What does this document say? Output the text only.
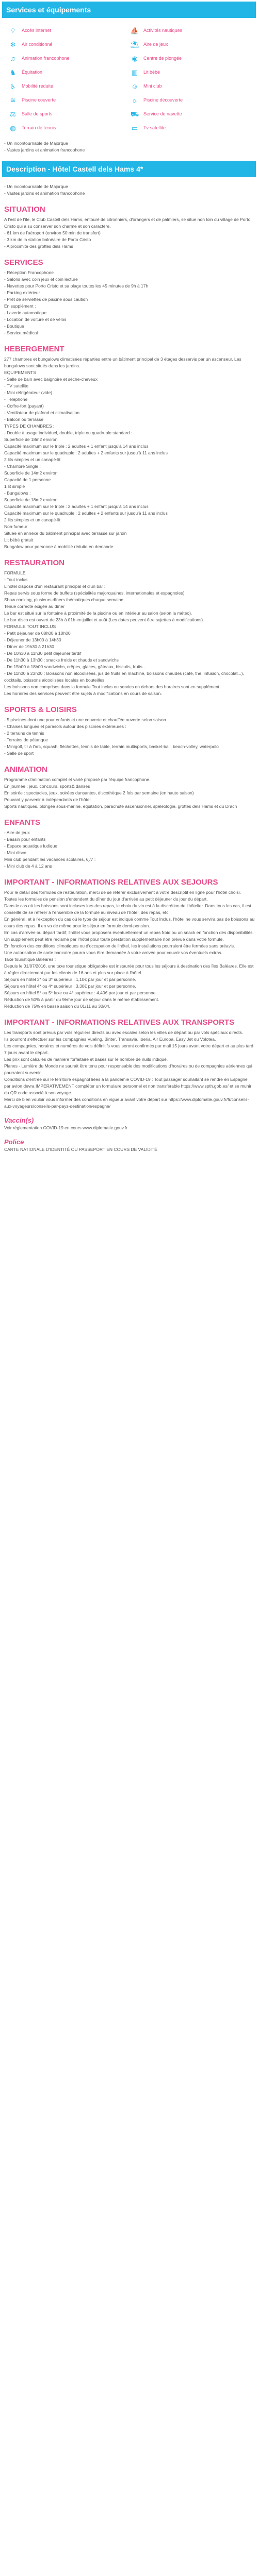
Services et équipements
⌔	Accès internet	⛵ Activités nautiques
❄	Air conditionné	⛱ Aire de jeux
♫	Animation francophone	◉	Centre de plongée
♞	Équitation	▥	Lit bébé
♿	Mobilité réduite	☺	Mini club
≋	Piscine couverte	☼	Piscine découverte
⚖	Salle de sports	⛟ Service de navette
◍	Terrain de tennis	▭	Tv satellite
- Un incontournable de Majorque
- Vastes jardins et animation francophone
Description - Hôtel Castell dels Hams 4*
- Un incontournable de Majorque
- Vastes jardins et animation francophone
SITUATION

A l'est de l'île, le Club Castell dels Hams, entouré de citronniers, d'orangers et de palmiers, se situe non loin du village de Porto Cristo qui a su conserver son charme et son caractère.

- 61 km de l'aéroport (environ 50 min de transfert)

- 3 km de la station balnéaire de Porto Cristo

- A proximité des grottes dels Hams

SERVICES

- Réception Francophone

- Salons avec coin jeux et coin lecture

- Navettes pour Porto Cristo et sa plage toutes les 45 minutes de 9h à 17h

- Parking extérieur

- Prêt de serviettes de piscine sous caution

En supplément :

- Laverie automatique

- Location de voiture et de vélos

- Boutique

- Service médical

HEBERGEMENT

277 chambres et bungalows climatisées réparties entre un bâtiment principal de 3 étages desservis par un ascenseur. Les bungalows sont situés dans les jardins.

EQUIPEMENTS

- Salle de bain avec baignoire et sèche-cheveux

- TV satellite

- Mini réfrigérateur (vide)

- Téléphone

- Coffre-fort (payant)

- Ventilateur de plafond et climatisation

- Balcon ou terrasse

TYPES DE CHAMBRES :

- Double à usage individuel, double, triple ou quadruple standard :

Superficie de 18m2 environ

Capacité maximum sur le triple : 2 adultes + 1 enfant jusqu'à 14 ans inclus

Capacité maximum sur le quadruple : 2 adultes + 2 enfants sur jusqu'à 11 ans inclus

2 lits simples et un canapé-lit

- Chambre Single :

Superficie de 14m2 environ

Capacité de 1 personne

1 lit simple

- Bungalows :

Superficie de 18m2 environ

Capacité maximum sur le triple : 2 adultes + 1 enfant jusqu'à 14 ans inclus

Capacité maximum sur le quadruple : 2 adultes + 2 enfants sur jusqu'à 11 ans inclus

2 lits simples et un canapé-lit

Non-fumeur

Située en annexe du bâtiment principal avec terrasse sur jardin

Lit bébé gratuit

Bungalow pour personne à mobilité réduite en demande.

RESTAURATION

FORMULE

- Tout inclus

L'hôtel dispose d'un restaurant principal et d'un bar :

Repas servis sous forme de buffets (spécialités majorquaines, internationales et espagnoles)

Show cooking, plusieurs dîners thématiques chaque semaine

Tenue correcte exigée au dîner

Le bar est situé sur la fontaine à proximité de la piscine ou en intérieur au salon (selon la météo).

Le bar disco est ouvert de 23h à 01h en juillet et août (Les dates peuvent être sujettes à modifications).

FORMULE TOUT INCLUS

- Petit déjeuner de 08h00 à 10h00

- Déjeuner de 13h00 à 14h30

- Dîner de 19h30 à 21h30

- De 10h30 à 11h30 petit déjeuner tardif

- De 11h30 à 13h30 : snacks froids et chauds et sandwichs

- De 15h00 à 18h00 sandwichs, crêpes, glaces, gâteaux, biscuits, fruits...

- De 11h00 à 23h00 : Boissons non alcoolisées, jus de fruits en machine, boissons chaudes (café, thé, infusion, chocolat...), cocktails, boissons alcoolisées locales en bouteilles.

Les boissons non comprises dans la formule Tout inclus ou servies en dehors des horaires sont en supplément.

Les horaires des services peuvent être sujets à modifications en cours de saison.

SPORTS & LOISIRS

- 5 piscines dont une pour enfants et une couverte et chauffée ouverte selon saison

- Chaises longues et parasols autour des piscines extérieures :

- 2 terrains de tennis

- Terrains de pétanque

- Minigolf, tir à l'arc, squash, fléchettes, tennis de table, terrain multisports, basket-ball, beach-volley, waterpolo

- Salle de sport

ANIMATION

Programme d'animation complet et varié proposé par l'équipe francophone.

En journée : jeux, concours, sports& danses

En soirée : spectacles, jeux, soirées dansantes, discothèque 2 fois par semaine (en haute saison)

Pouvant y parvenir à indépendants de l'hôtel

Sports nautiques, plongée sous-marine, équitation, parachute ascensionnel, spéléologie, grottes dels Hams et du Drach

ENFANTS

- Aire de jeux

- Bassin pour enfants

- Espace aquatique ludique

- Mini disco

Mini club pendant les vacances scolaires, 6j/7 :

- Mini club de 4 à 12 ans

IMPORTANT - INFORMATIONS RELATIVES AUX SEJOURS

Pour le détail des formules de restauration, merci de se référer exclusivement à votre descriptif en ligne pour l'hôtel choisi.

Toutes les formules de pension s'entendent du dîner du jour d'arrivée au petit déjeuner du jour du départ.

Dans le cas où les boissons sont incluses lors des repas, le choix du vin est à la discrétion de l'hôtelier. Dans tous les cas, il est conseillé de se référer à l'ensemble de la formule au niveau de l'hôtel, des repas, etc.

En général, et à l'exception du cas où le type de séjour est indiqué comme Tout Inclus, l'hôtel ne vous servira pas de boissons au cours des repas. Il en va de même pour le séjour en formule demi-pension.

En cas d'arrivée ou départ tardif, l'hôtel vous proposera éventuellement un repas froid ou un snack en fonction des disponibilités.

Un supplément peut être réclamé par l'hôtel pour toute prestation supplémentaire non prévue dans votre formule.

En fonction des conditions climatiques ou d'occupation de l'hôtel, les installations pourraient être fermées sans préavis.

Une autorisation de carte bancaire pourra vous être demandée à votre arrivée pour couvrir vos éventuels extras.

Taxe touristique Baléares :

Depuis le 01/07/2016, une taxe touristique obligatoire est instaurée pour tous les séjours à destination des îles Baléares. Elle est à régler directement par les clients de 16 ans et plus sur place à l'hôtel.

Séjours en hôtel 3* ou 3* supérieur : 1,10€ par jour et par personne.

Séjours en hôtel 4* ou 4* supérieur : 3,30€ par jour et par personne.

Séjours en hôtel 5* ou 5* luxe ou 4* supérieur : 4,40€ par jour et par personne.

Réduction de 50% à partir du 9ème jour de séjour dans le même établissement.

Réduction de 75% en basse saison du 01/11 au 30/04.

IMPORTANT - INFORMATIONS RELATIVES AUX TRANSPORTS

Les transports sont prévus par vols réguliers directs ou avec escales selon les villes de départ ou par vols spéciaux directs.

Ils pourront s'effectuer sur les compagnies Vueling, Binter, Transavia, Iberia, Air Europa, Easy Jet ou Volotea.

Les compagnies, horaires et numéros de vols définitifs vous seront confirmés par mail 15 jours avant votre départ et au plus tard 7 jours avant le départ.

Les prix sont calculés de manière forfaitaire et basés sur le nombre de nuits indiqué.

Planes - Lumière du Monde ne saurait être tenu pour responsable des modifications d'horaires ou de compagnies aériennes qui pourraient survenir.

Conditions d'entrée sur le territoire espagnol liées à la pandémie COVID-19 : Tout passager souhaitant se rendre en Espagne par avion devra IMPERATIVEMENT compléter un formulaire personnel et non transférable https://www.spth.gob.es/ et se munir du QR code associé à son voyage.

Merci de bien vouloir vous informer des conditions en vigueur avant votre départ sur https://www.diplomatie.gouv.fr/fr/conseils-aux-voyageurs/conseils-par-pays-destination/espagne/

Vaccin(s)

Voir réglementation COVID-19 en cours www.diplomatie.gouv.fr

Police

CARTE NATIONALE D'IDENTITÉ OU PASSEPORT EN COURS DE VALIDITÉ
